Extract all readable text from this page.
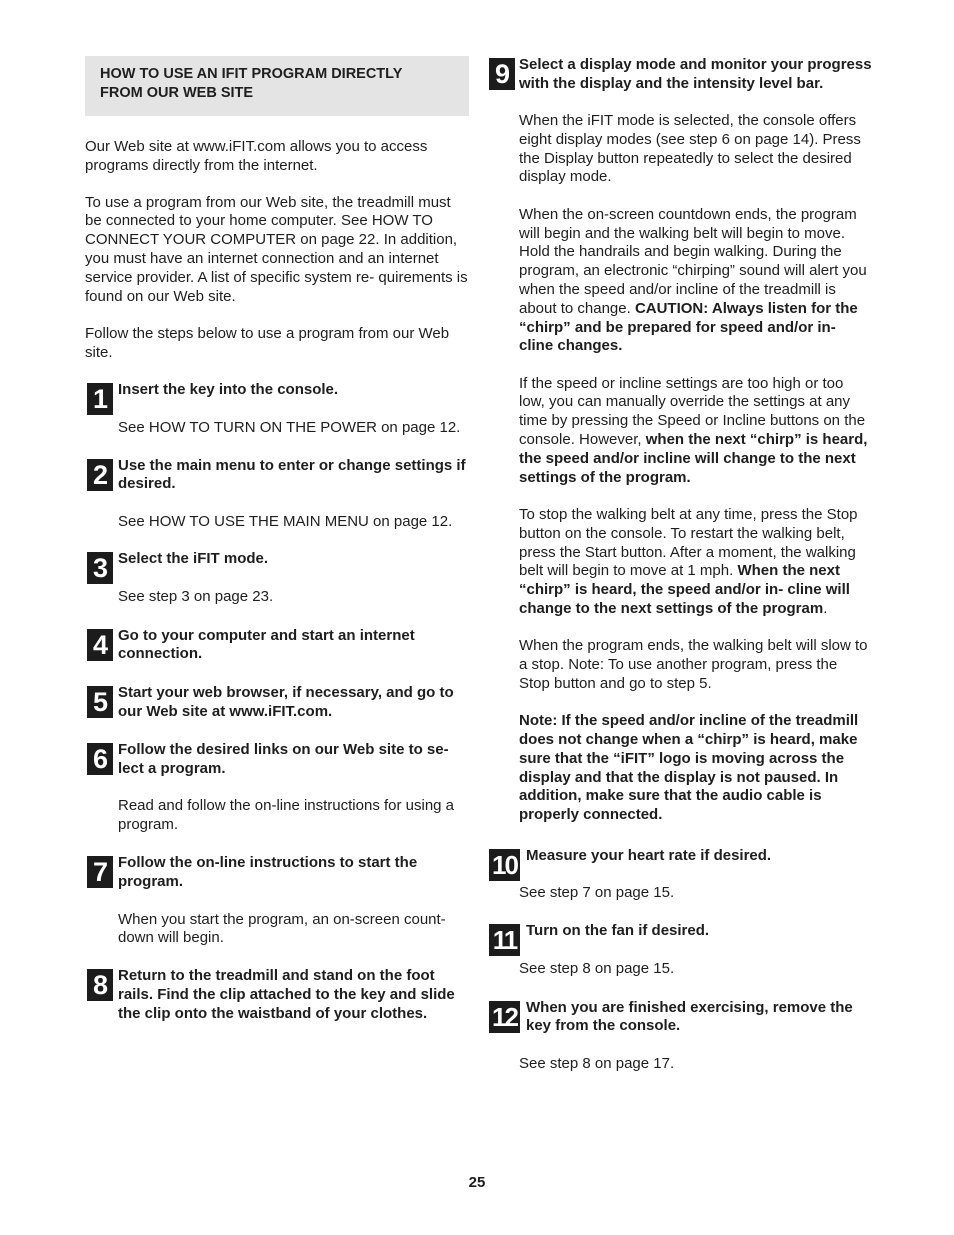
HOW TO USE AN IFIT PROGRAM DIRECTLY
FROM OUR WEB SITE

Our Web site at www.iFIT.com allows you to access programs directly from the internet.

To use a program from our Web site, the treadmill must be connected to your home computer. See HOW TO CONNECT YOUR COMPUTER on page 22. In addition, you must have an internet connection and an internet service provider. A list of specific system re- quirements is found on our Web site.

Follow the steps below to use a program from our Web site.

1 Insert the key into the console.

See HOW TO TURN ON THE POWER on page 12.

2 Use the main menu to enter or change settings if desired.

See HOW TO USE THE MAIN MENU on page 12.

3 Select the iFIT mode.

See step 3 on page 23.

4 Go to your computer and start an internet connection.

5 Start your web browser, if necessary, and go to our Web site at www.iFIT.com.

6 Follow the desired links on our Web site to se- lect a program.

Read and follow the on-line instructions for using a program.

7 Follow the on-line instructions to start the program.

When you start the program, an on-screen count- down will begin.

8 Return to the treadmill and stand on the foot rails. Find the clip attached to the key and slide the clip onto the waistband of your clothes.

9 Select a display mode and monitor your progress with the display and the intensity level bar.

When the iFIT mode is selected, the console offers eight display modes (see step 6 on page 14). Press the Display button repeatedly to select the desired display mode.

When the on-screen countdown ends, the program will begin and the walking belt will begin to move. Hold the handrails and begin walking. During the program, an electronic “chirping” sound will alert you when the speed and/or incline of the treadmill is about to change. CAUTION: Always listen for the “chirp” and be prepared for speed and/or in- cline changes.

If the speed or incline settings are too high or too low, you can manually override the settings at any time by pressing the Speed or Incline buttons on the console. However, when the next “chirp” is heard, the speed and/or incline will change to the next settings of the program.

To stop the walking belt at any time, press the Stop button on the console. To restart the walking belt, press the Start button. After a moment, the walking belt will begin to move at 1 mph. When the next “chirp” is heard, the speed and/or in- cline will change to the next settings of the program.

When the program ends, the walking belt will slow to a stop. Note: To use another program, press the Stop button and go to step 5.

Note: If the speed and/or incline of the treadmill does not change when a “chirp” is heard, make sure that the “iFIT” logo is moving across the display and that the display is not paused. In addition, make sure that the audio cable is properly connected.

10 Measure your heart rate if desired.

See step 7 on page 15.

11 Turn on the fan if desired.

See step 8 on page 15.

12 When you are finished exercising, remove the key from the console.

See step 8 on page 17.

25
